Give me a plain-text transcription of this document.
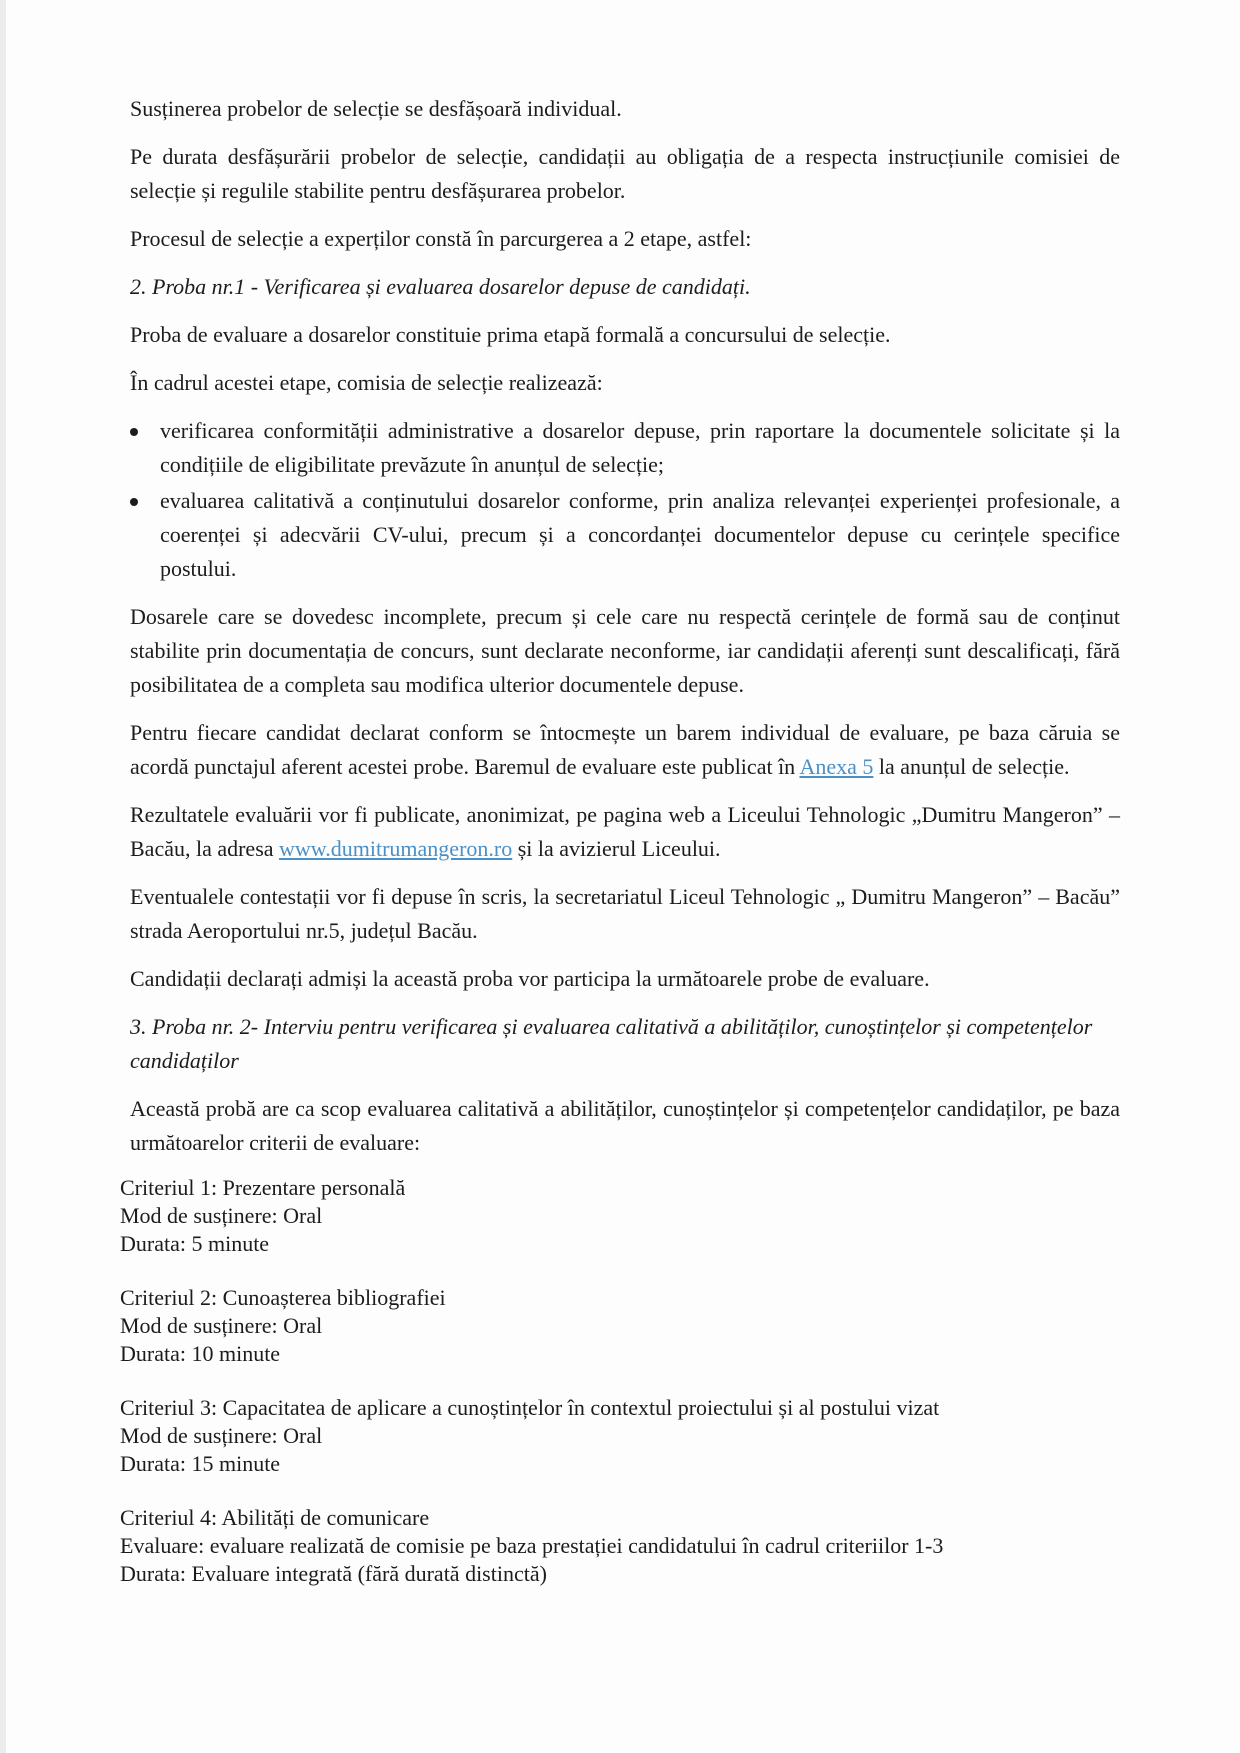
Susținerea probelor de selecție se desfășoară individual.

Pe durata desfășurării probelor de selecție, candidații au obligația de a respecta instrucțiunile comisiei de selecție și regulile stabilite pentru desfășurarea probelor.

Procesul de selecție a experților constă în parcurgerea a 2 etape, astfel:

2. Proba nr.1 - Verificarea și evaluarea dosarelor depuse de candidați.

Proba de evaluare a dosarelor constituie prima etapă formală a concursului de selecție.

În cadrul acestei etape, comisia de selecție realizează:

verificarea conformității administrative a dosarelor depuse, prin raportare la documentele solicitate și la condițiile de eligibilitate prevăzute în anunțul de selecție;
evaluarea calitativă a conținutului dosarelor conforme, prin analiza relevanței experienței profesionale, a coerenței și adecvării CV-ului, precum și a concordanței documentelor depuse cu cerințele specifice postului.

Dosarele care se dovedesc incomplete, precum și cele care nu respectă cerințele de formă sau de conținut stabilite prin documentația de concurs, sunt declarate neconforme, iar candidații aferenți sunt descalificați, fără posibilitatea de a completa sau modifica ulterior documentele depuse.

Pentru fiecare candidat declarat conform se întocmește un barem individual de evaluare, pe baza căruia se acordă punctajul aferent acestei probe. Baremul de evaluare este publicat în Anexa 5 la anunțul de selecție.

Rezultatele evaluării vor fi publicate, anonimizat, pe pagina web a Liceului Tehnologic „Dumitru Mangeron” – Bacău, la adresa www.dumitrumangeron.ro și la avizierul Liceului.

Eventualele contestații vor fi depuse în scris, la secretariatul Liceul Tehnologic „ Dumitru Mangeron” – Bacău” strada Aeroportului nr.5, județul Bacău.

Candidații declarați admiși la această proba vor participa la următoarele probe de evaluare.

3. Proba nr. 2- Interviu pentru verificarea și evaluarea calitativă a abilităților, cunoștințelor și competențelor candidaților

Această probă are ca scop evaluarea calitativă a abilităților, cunoștințelor și competențelor candidaților, pe baza următoarelor criterii de evaluare:

Criteriul 1: Prezentare personală
Mod de susținere: Oral
Durata: 5 minute
Criteriul 2: Cunoașterea bibliografiei
Mod de susținere: Oral
Durata: 10 minute
Criteriul 3: Capacitatea de aplicare a cunoștințelor în contextul proiectului și al postului vizat
Mod de susținere: Oral
Durata: 15 minute
Criteriul 4: Abilități de comunicare
Evaluare: evaluare realizată de comisie pe baza prestației candidatului în cadrul criteriilor 1-3
Durata: Evaluare integrată (fără durată distinctă)
